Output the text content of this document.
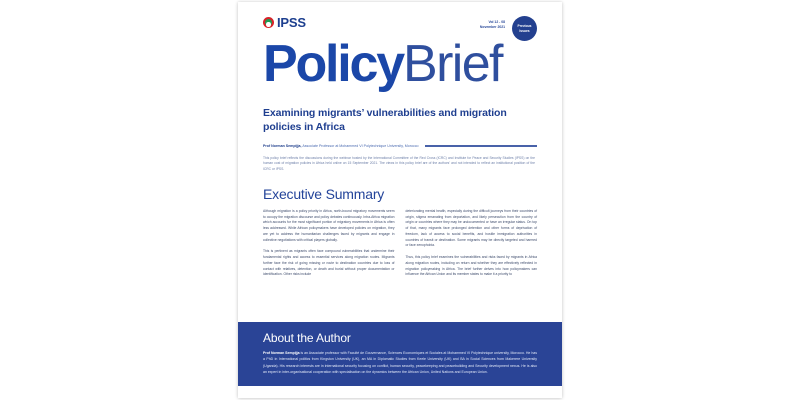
IPSS	Vol 12 - 08
November 2021	Previous
Issues
Policy Brief
Examining migrants’ vulnerabilities and migration policies in Africa
Prof Norman Sempijja, Associate Professor at Mohammed VI Polytechnique University, Morocco
This policy brief reflects the discussions during the webinar hosted by the International Committee of the Red Cross (ICRC) and Institute for Peace and Security Studies (IPSS) on the human cost of migration policies in Africa held online on 15 September 2021. The views in this policy brief are of the authors’ and not intended to reflect an institutional position of the ICRC or IPSS.
Executive Summary

Although migration is a policy priority in Africa, north-bound migratory movements seem to occupy the migration discourse and policy debates continuously. Intra-Africa migration which accounts for the most significant portion of migratory movements in Africa is often less addressed. While African policymakers have developed policies on migration, they are yet to address the humanitarian challenges faced by migrants and engage in collective negotiations with critical players globally.

This is pertinent as migrants often face compound vulnerabilities that undermine their fundamental rights and access to essential services along migration routes. Migrants further face the risk of going missing or route to destination countries due to loss of contact with relatives, detention, or death and burial without proper documentation or identification. Other risks include

deteriorating mental health, especially during the difficult journeys from their countries of origin, stigma emanating from deportation, and likely persecution from the country of origin or countries where they may be undocumented or have an irregular status. On top of that, many migrants face prolonged detention and other forms of deprivation of freedom, lack of access to social benefits, and hostile immigration authorities in countries of transit or destination. Some migrants may be directly targeted and harmed or face xenophobia.

Thus, this policy brief examines the vulnerabilities and risks faced by migrants in Africa along migration routes, including on return and whether they are effectively reflected in migration policymaking in Africa. The brief further delves into how policymakers can influence the African Union and its member states to make it a priority to

About the Author

Prof Norman Sempijja is an Associate professor with Faculté de Gouvernance, Sciences Economiques et Sociales at Mohammed VI Polytechnique university, Morocco. He has a PhD in International politics from Kingston University (UK), an MA in Diplomatic Studies from Keele University (UK) and BA in Social Sciences from Makerere University (Uganda). His research interests are in international security focusing on conflict, human security, peacekeeping and peacebuilding and Security development nexus. He is also an expert in inter-organisational cooperation with specialisation on the dynamics between the African Union, United Nations and European Union.
